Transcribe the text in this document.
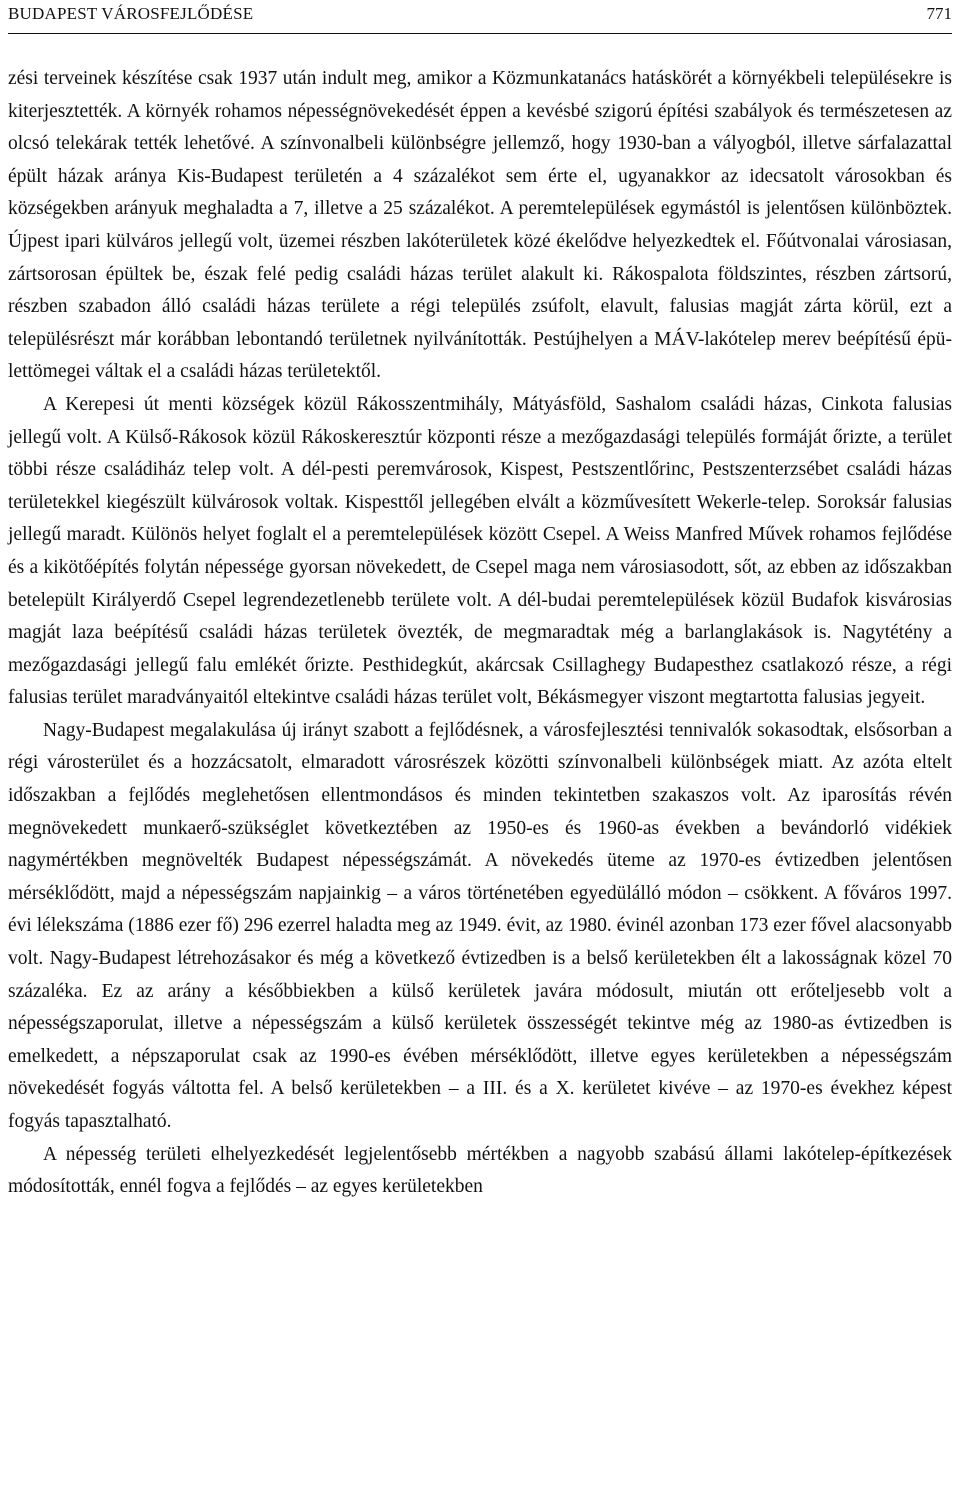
BUDAPEST VÁROSFEJLŐDÉSE	771

zési terveinek készítése csak 1937 után indult meg, amikor a Közmunkatanács hatáskörét a környékbeli településekre is kiterjesztették. A környék rohamos népességnövekedését éppen a kevésbé szigorú építési szabályok és természetesen az olcsó telekárak tették lehetővé. A színvonalbeli különbségre jellemző, hogy 1930-ban a vályogból, illetve sárfalazattal épült házak aránya Kis-Budapest területén a 4 százalékot sem érte el, ugyanakkor az idecsatolt városokban és községekben arányuk meghaladta a 7, illetve a 25 százalékot. A peremtelepülések egymástól is jelentősen különböztek. Újpest ipari külváros jellegű volt, üzemei részben lakóterületek közé ékelődve helyezkedtek el. Főútvonalai városiasan, zártsorosan épültek be, észak felé pedig családi házas terület alakult ki. Rákospalota földszintes, részben zártsorú, részben szabadon álló családi házas területe a régi település zsúfolt, elavult, falusias magját zárta körül, ezt a településrészt már korábban lebontandó területnek nyilvánították. Pestújhelyen a MÁV-lakótelep merev beépítésű épülettömegei váltak el a családi házas területektől.

A Kerepesi út menti községek közül Rákosszentmihály, Mátyásföld, Sashalom családi házas, Cinkota falusias jellegű volt. A Külső-Rákosok közül Rákoskeresztúr központi része a mezőgazdasági település formáját őrizte, a terület többi része családiház telep volt. A dél-pesti peremvárosok, Kispest, Pestszentlőrinc, Pestszenterzsébet családi házas területekkel kiegészült külvárosok voltak. Kispesttől jellegében elvált a közművesített Wekerle-telep. Soroksár falusias jellegű maradt. Különös helyet foglalt el a peremtelepülések között Csepel. A Weiss Manfred Művek rohamos fejlődése és a kikötőépítés folytán népessége gyorsan növekedett, de Csepel maga nem városiasodott, sőt, az ebben az időszakban betelepült Királyerdő Csepel legrendezetlenebb területe volt. A dél-budai peremtelepülések közül Budafok kisvárosias magját laza beépítésű családi házas területek övezték, de megmaradtak még a barlanglakások is. Nagytétény a mezőgazdasági jellegű falu emlékét őrizte. Pesthidegkút, akárcsak Csillaghegy Budapesthez csatlakozó része, a régi falusias terület maradványaitól eltekintve családi házas terület volt, Békásmegyer viszont megtartotta falusias jegyeit.

Nagy-Budapest megalakulása új irányt szabott a fejlődésnek, a városfejlesztési tennivalók sokasodtak, elsősorban a régi városterület és a hozzácsatolt, elmaradott városrészek közötti színvonalbeli különbségek miatt. Az azóta eltelt időszakban a fejlődés meglehetősen ellentmondásos és minden tekintetben szakaszos volt. Az iparosítás révén megnövekedett munkaerő-szükséglet következtében az 1950-es és 1960-as években a bevándorló vidékiek nagymértékben megnövelték Budapest népességszámát. A növekedés üteme az 1970-es évtizedben jelentősen mérséklődött, majd a népességszám napjainkig – a város történetében egyedülálló módon – csökkent. A főváros 1997. évi lélekszáma (1886 ezer fő) 296 ezerrel haladta meg az 1949. évit, az 1980. évinél azonban 173 ezer fővel alacsonyabb volt. Nagy-Budapest létrehozásakor és még a következő évtizedben is a belső kerületekben élt a lakosságnak közel 70 százaléka. Ez az arány a későbbiekben a külső kerületek javára módosult, miután ott erőteljesebb volt a népességszaporulat, illetve a népességszám a külső kerületek összességét tekintve még az 1980-as évtizedben is emelkedett, a népszaporulat csak az 1990-es évében mérséklődött, illetve egyes kerületekben a népességszám növekedését fogyás váltotta fel. A belső kerületekben – a III. és a X. kerületet kivéve – az 1970-es évekhez képest fogyás tapasztalható.

A népesség területi elhelyezkedését legjelentősebb mértékben a nagyobb szabású állami lakótelep-építkezések módosították, ennél fogva a fejlődés – az egyes kerületekben
